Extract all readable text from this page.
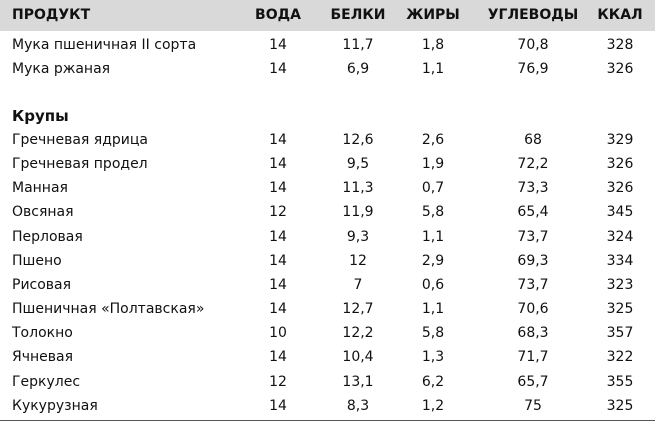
ПРОДУКТ	ВОДА	БЕЛКИ	ЖИРЫ	УГЛЕВОДЫ	ККАЛ
Мука пшеничная II сорта	14	11,7	1,8	70,8	328
Мука ржаная	14	6,9	1,1	76,9	326
Крупы
Гречневая ядрица	14	12,6	2,6	68	329
Гречневая продел	14	9,5	1,9	72,2	326
Манная	14	11,3	0,7	73,3	326
Овсяная	12	11,9	5,8	65,4	345
Перловая	14	9,3	1,1	73,7	324
Пшено	14	12	2,9	69,3	334
Рисовая	14	7	0,6	73,7	323
Пшеничная «Полтавская»	14	12,7	1,1	70,6	325
Толокно	10	12,2	5,8	68,3	357
Ячневая	14	10,4	1,3	71,7	322
Геркулес	12	13,1	6,2	65,7	355
Кукурузная	14	8,3	1,2	75	325
